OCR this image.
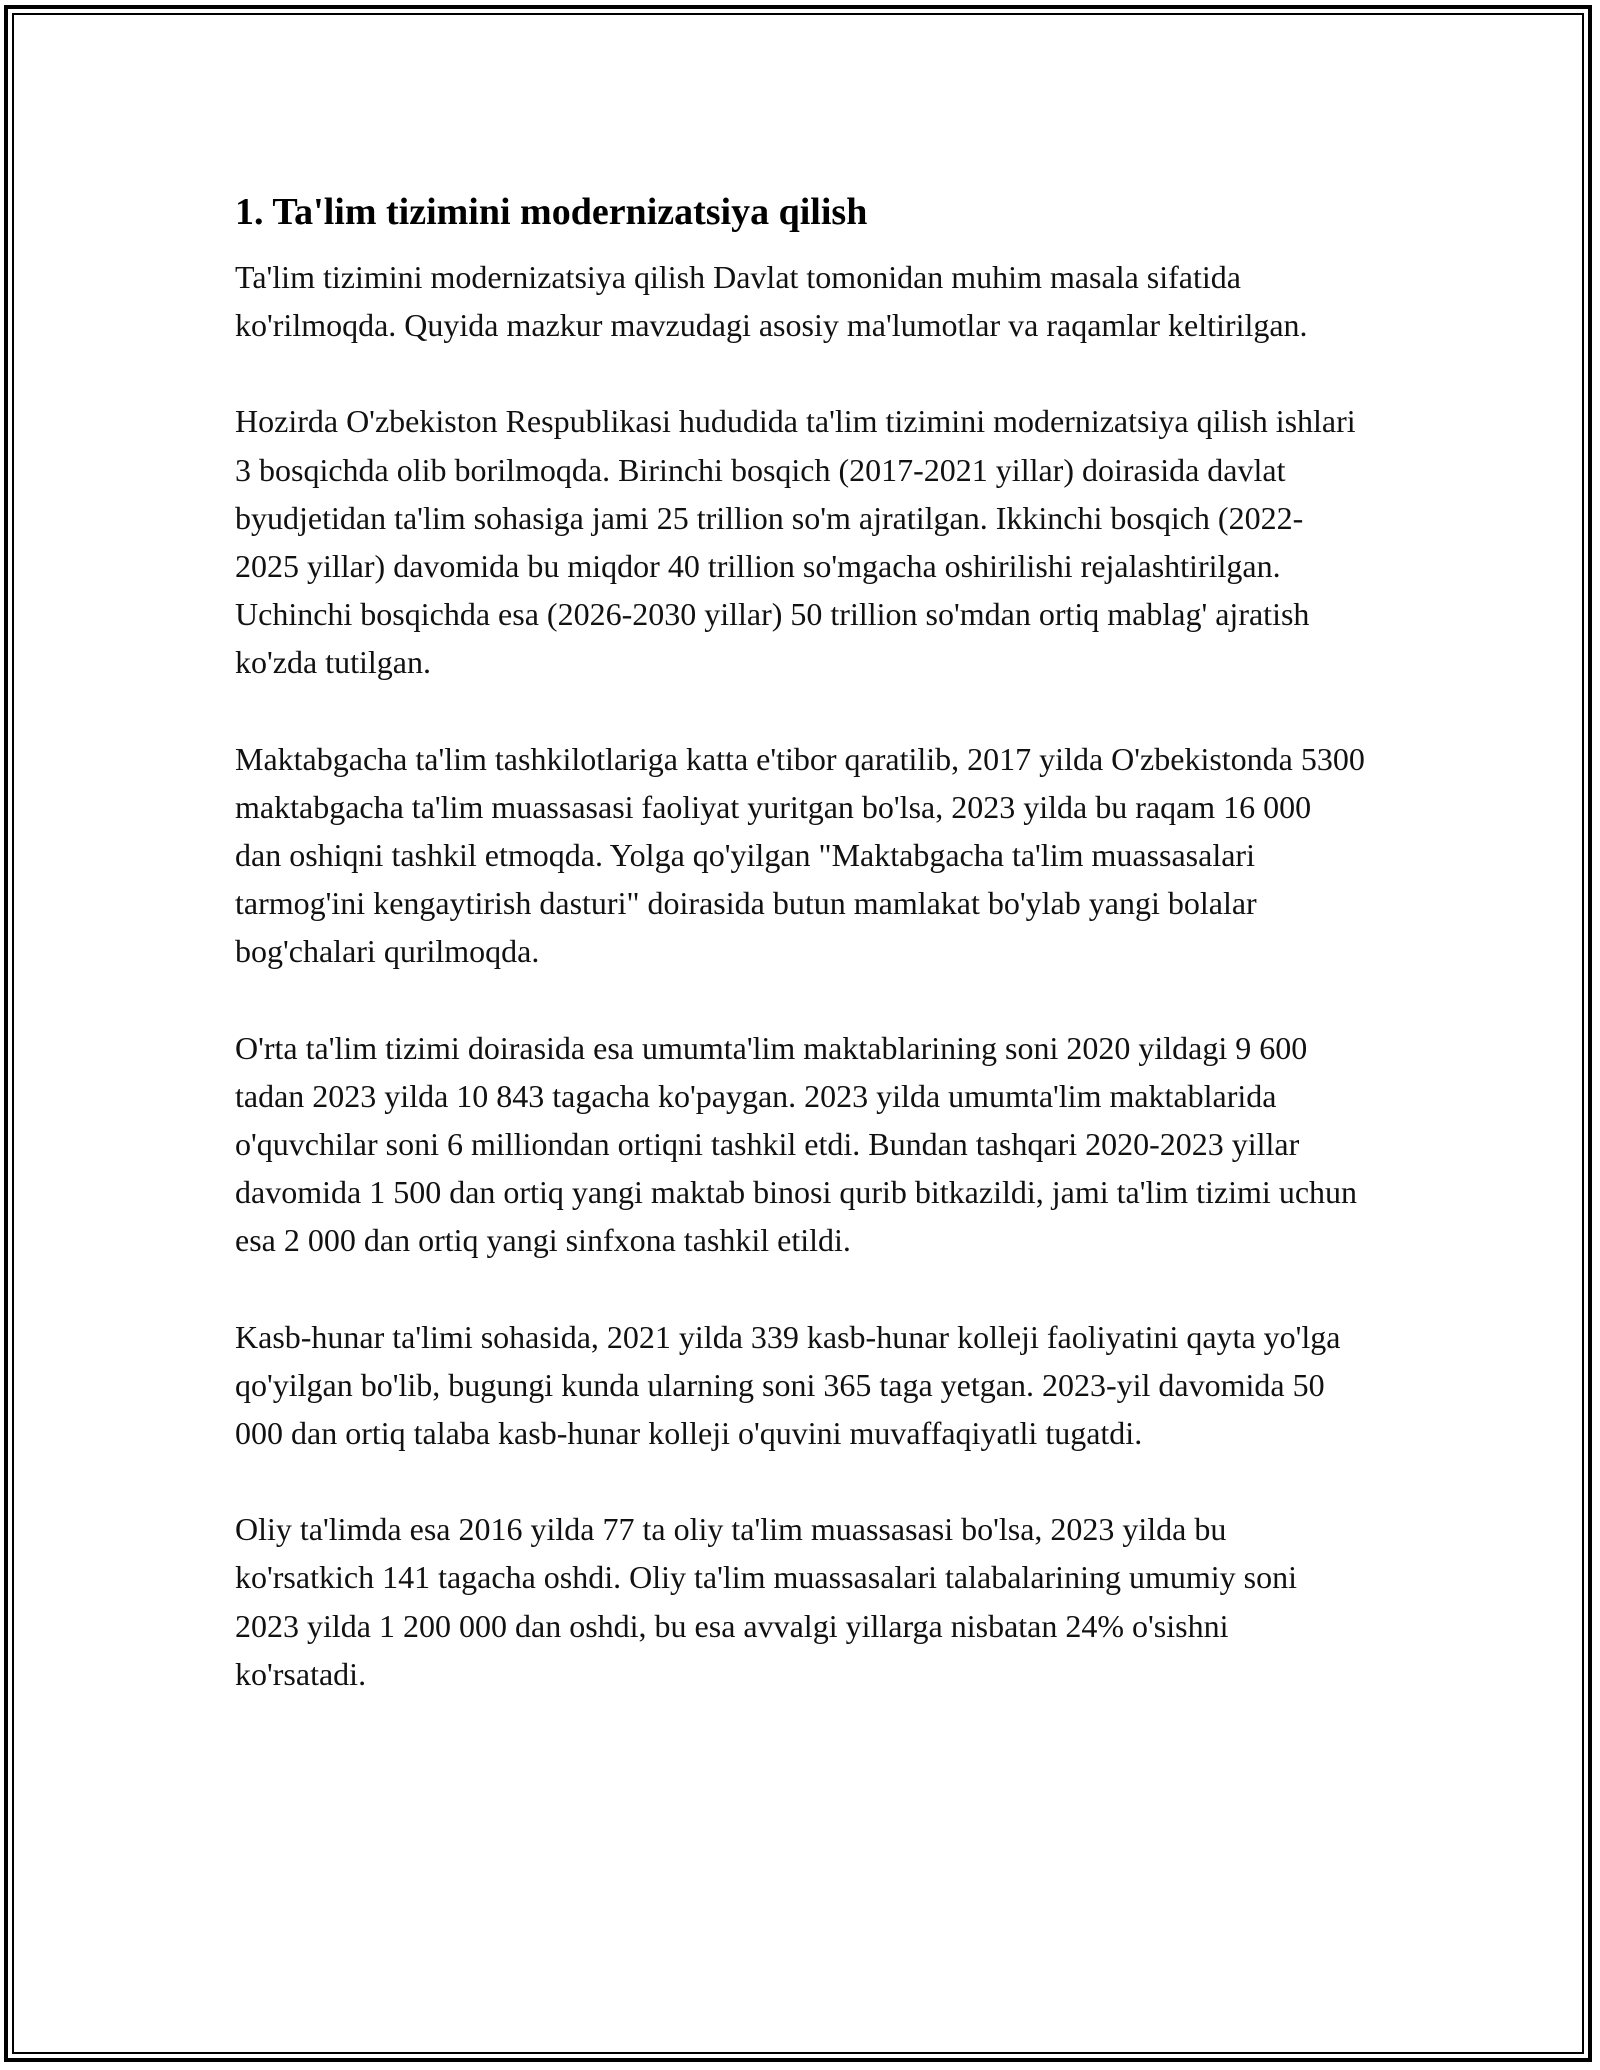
1. Ta'lim tizimini modernizatsiya qilish

Ta'lim tizimini modernizatsiya qilish Davlat tomonidan muhim masala sifatida ko'rilmoqda. Quyida mazkur mavzudagi asosiy ma'lumotlar va raqamlar keltirilgan.

Hozirda O'zbekiston Respublikasi hududida ta'lim tizimini modernizatsiya qilish ishlari 3 bosqichda olib borilmoqda. Birinchi bosqich (2017-2021 yillar) doirasida davlat byudjetidan ta'lim sohasiga jami 25 trillion so'm ajratilgan. Ikkinchi bosqich (2022-2025 yillar) davomida bu miqdor 40 trillion so'mgacha oshirilishi rejalashtirilgan. Uchinchi bosqichda esa (2026-2030 yillar) 50 trillion so'mdan ortiq mablag' ajratish ko'zda tutilgan.

Maktabgacha ta'lim tashkilotlariga katta e'tibor qaratilib, 2017 yilda O'zbekistonda 5300 maktabgacha ta'lim muassasasi faoliyat yuritgan bo'lsa, 2023 yilda bu raqam 16 000 dan oshiqni tashkil etmoqda. Yolga qo'yilgan "Maktabgacha ta'lim muassasalari tarmog'ini kengaytirish dasturi" doirasida butun mamlakat bo'ylab yangi bolalar bog'chalari qurilmoqda.

O'rta ta'lim tizimi doirasida esa umumta'lim maktablarining soni 2020 yildagi 9 600 tadan 2023 yilda 10 843 tagacha ko'paygan. 2023 yilda umumta'lim maktablarida o'quvchilar soni 6 milliondan ortiqni tashkil etdi. Bundan tashqari 2020-2023 yillar davomida 1 500 dan ortiq yangi maktab binosi qurib bitkazildi, jami ta'lim tizimi uchun esa 2 000 dan ortiq yangi sinfxona tashkil etildi.

Kasb-hunar ta'limi sohasida, 2021 yilda 339 kasb-hunar kolleji faoliyatini qayta yo'lga qo'yilgan bo'lib, bugungi kunda ularning soni 365 taga yetgan. 2023-yil davomida 50 000 dan ortiq talaba kasb-hunar kolleji o'quvini muvaffaqiyatli tugatdi.

Oliy ta'limda esa 2016 yilda 77 ta oliy ta'lim muassasasi bo'lsa, 2023 yilda bu ko'rsatkich 141 tagacha oshdi. Oliy ta'lim muassasalari talabalarining umumiy soni 2023 yilda 1 200 000 dan oshdi, bu esa avvalgi yillarga nisbatan 24% o'sishni ko'rsatadi.
